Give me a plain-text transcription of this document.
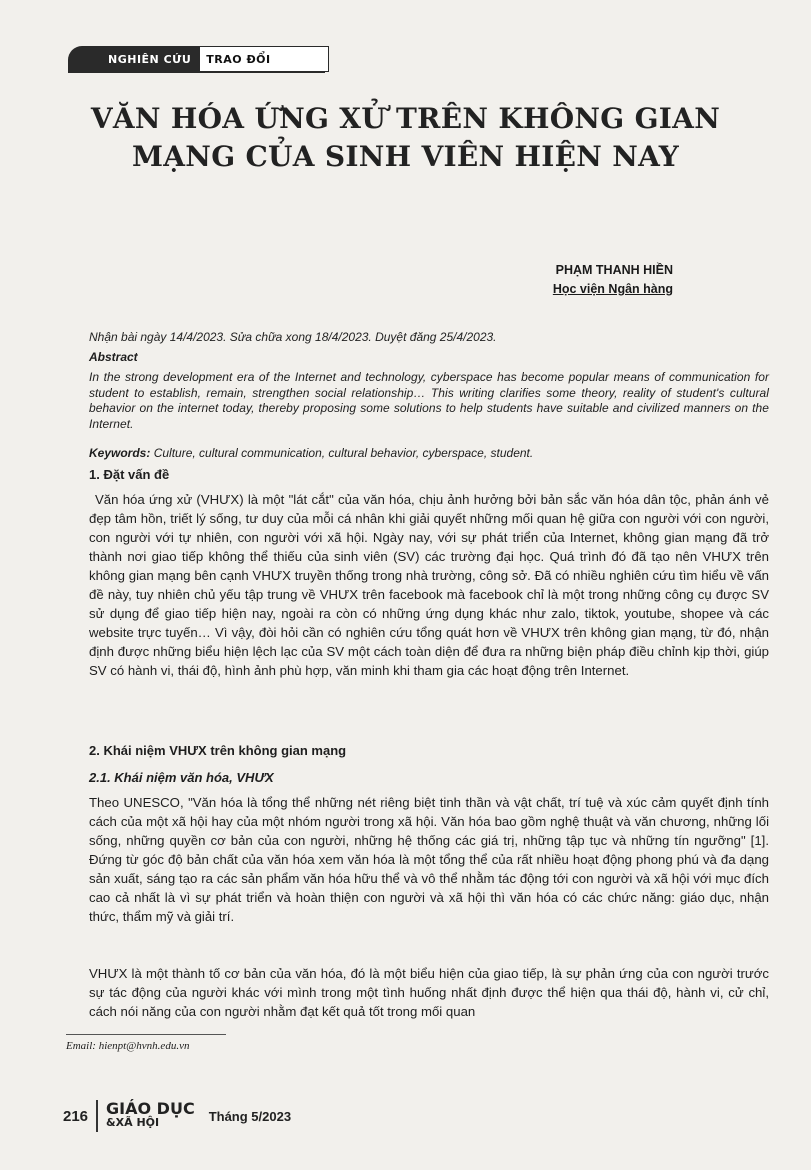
NGHIÊN CỨU	TRAO ĐỔI
VĂN HÓA ỨNG XỬ TRÊN KHÔNG GIAN MẠNG CỦA SINH VIÊN HIỆN NAY
PHẠM THANH HIỀN
Học viện Ngân hàng
Nhận bài ngày 14/4/2023. Sửa chữa xong 18/4/2023. Duyệt đăng 25/4/2023.
Abstract
In the strong development era of the Internet and technology, cyberspace has become popular means of communication for student to establish, remain, strengthen social relationship… This writing clarifies some theory, reality of student's cultural behavior on the internet today, thereby proposing some solutions to help students have suitable and civilized manners on the Internet.
Keywords: Culture, cultural communication, cultural behavior, cyberspace, student.
1. Đặt vấn đề
Văn hóa ứng xử (VHƯX) là một "lát cắt" của văn hóa, chịu ảnh hưởng bởi bản sắc văn hóa dân tộc, phản ánh vẻ đẹp tâm hồn, triết lý sống, tư duy của mỗi cá nhân khi giải quyết những mối quan hệ giữa con người với con người, con người với tự nhiên, con người với xã hội. Ngày nay, với sự phát triển của Internet, không gian mạng đã trở thành nơi giao tiếp không thể thiếu của sinh viên (SV) các trường đại học. Quá trình đó đã tạo nên VHƯX trên không gian mạng bên cạnh VHƯX truyền thống trong nhà trường, công sở. Đã có nhiều nghiên cứu tìm hiểu về vấn đề này, tuy nhiên chủ yếu tập trung về VHƯX trên facebook mà facebook chỉ là một trong những công cụ được SV sử dụng để giao tiếp hiện nay, ngoài ra còn có những ứng dụng khác như zalo, tiktok, youtube, shopee và các website trực tuyến… Vì vậy, đòi hỏi cần có nghiên cứu tổng quát hơn về VHƯX trên không gian mạng, từ đó, nhận định được những biểu hiện lệch lạc của SV một cách toàn diện để đưa ra những biện pháp điều chỉnh kịp thời, giúp SV có hành vi, thái độ, hình ảnh phù hợp, văn minh khi tham gia các hoạt động trên Internet.
2. Khái niệm VHƯX trên không gian mạng
2.1. Khái niệm văn hóa, VHƯX
Theo UNESCO, "Văn hóa là tổng thể những nét riêng biệt tinh thần và vật chất, trí tuệ và xúc cảm quyết định tính cách của một xã hội hay của một nhóm người trong xã hội. Văn hóa bao gồm nghệ thuật và văn chương, những lối sống, những quyền cơ bản của con người, những hệ thống các giá trị, những tập tục và những tín ngưỡng" [1]. Đứng từ góc độ bản chất của văn hóa xem văn hóa là một tổng thể của rất nhiều hoạt động phong phú và đa dạng sản xuất, sáng tạo ra các sản phẩm văn hóa hữu thể và vô thể nhằm tác động tới con người và xã hội với mục đích cao cả nhất là vì sự phát triển và hoàn thiện con người và xã hội thì văn hóa có các chức năng: giáo dục, nhận thức, thẩm mỹ và giải trí.
VHƯX là một thành tố cơ bản của văn hóa, đó là một biểu hiện của giao tiếp, là sự phản ứng của con người trước sự tác động của người khác với mình trong một tình huống nhất định được thể hiện qua thái độ, hành vi, cử chỉ, cách nói năng của con người nhằm đạt kết quả tốt trong mối quan
Email: hienpt@hvnh.edu.vn
216 GIÁO DỤC
&XÃ HỘI	Tháng 5/2023
